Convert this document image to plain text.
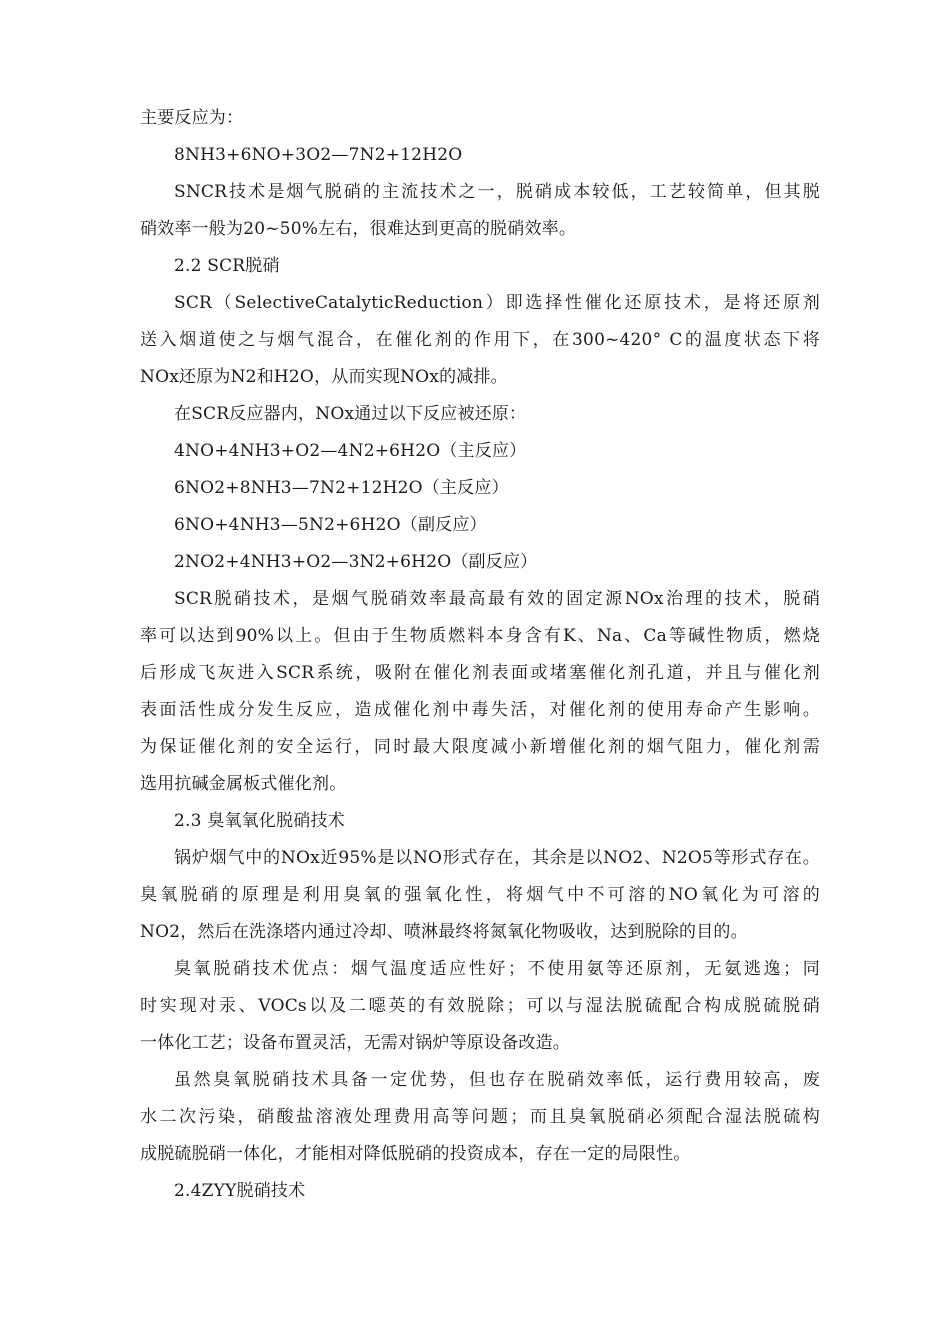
主要反应为：
8NH3+6NO+3O2—7N2+12H2O
SNCR技术是烟气脱硝的主流技术之一，脱硝成本较低，工艺较简单，但其脱
硝效率一般为20~50%左右，很难达到更高的脱硝效率。
2.2 SCR脱硝
SCR（SelectiveCatalyticReduction）即选择性催化还原技术，是将还原剂
送入烟道使之与烟气混合，在催化剂的作用下，在300~420° C的温度状态下将
NOx还原为N2和H2O，从而实现NOx的减排。
在SCR反应器内，NOx通过以下反应被还原：
4NO+4NH3+O2—4N2+6H2O（主反应）
6NO2+8NH3—7N2+12H2O（主反应）
6NO+4NH3—5N2+6H2O（副反应）
2NO2+4NH3+O2—3N2+6H2O（副反应）
SCR脱硝技术，是烟气脱硝效率最高最有效的固定源NOx治理的技术，脱硝
率可以达到90%以上。但由于生物质燃料本身含有K、Na、Ca等碱性物质，燃烧
后形成飞灰进入SCR系统，吸附在催化剂表面或堵塞催化剂孔道，并且与催化剂
表面活性成分发生反应，造成催化剂中毒失活，对催化剂的使用寿命产生影响。
为保证催化剂的安全运行，同时最大限度减小新增催化剂的烟气阻力，催化剂需
选用抗碱金属板式催化剂。
2.3 臭氧氧化脱硝技术
锅炉烟气中的NOx近95%是以NO形式存在，其余是以NO2、N2O5等形式存在。
臭氧脱硝的原理是利用臭氧的强氧化性，将烟气中不可溶的NO氧化为可溶的
NO2，然后在洗涤塔内通过冷却、喷淋最终将氮氧化物吸收，达到脱除的目的。
臭氧脱硝技术优点：烟气温度适应性好；不使用氨等还原剂，无氨逃逸；同
时实现对汞、VOCs以及二噁英的有效脱除；可以与湿法脱硫配合构成脱硫脱硝
一体化工艺；设备布置灵活，无需对锅炉等原设备改造。
虽然臭氧脱硝技术具备一定优势，但也存在脱硝效率低，运行费用较高，废
水二次污染，硝酸盐溶液处理费用高等问题；而且臭氧脱硝必须配合湿法脱硫构
成脱硫脱硝一体化，才能相对降低脱硝的投资成本，存在一定的局限性。
2.4ZYY脱硝技术
